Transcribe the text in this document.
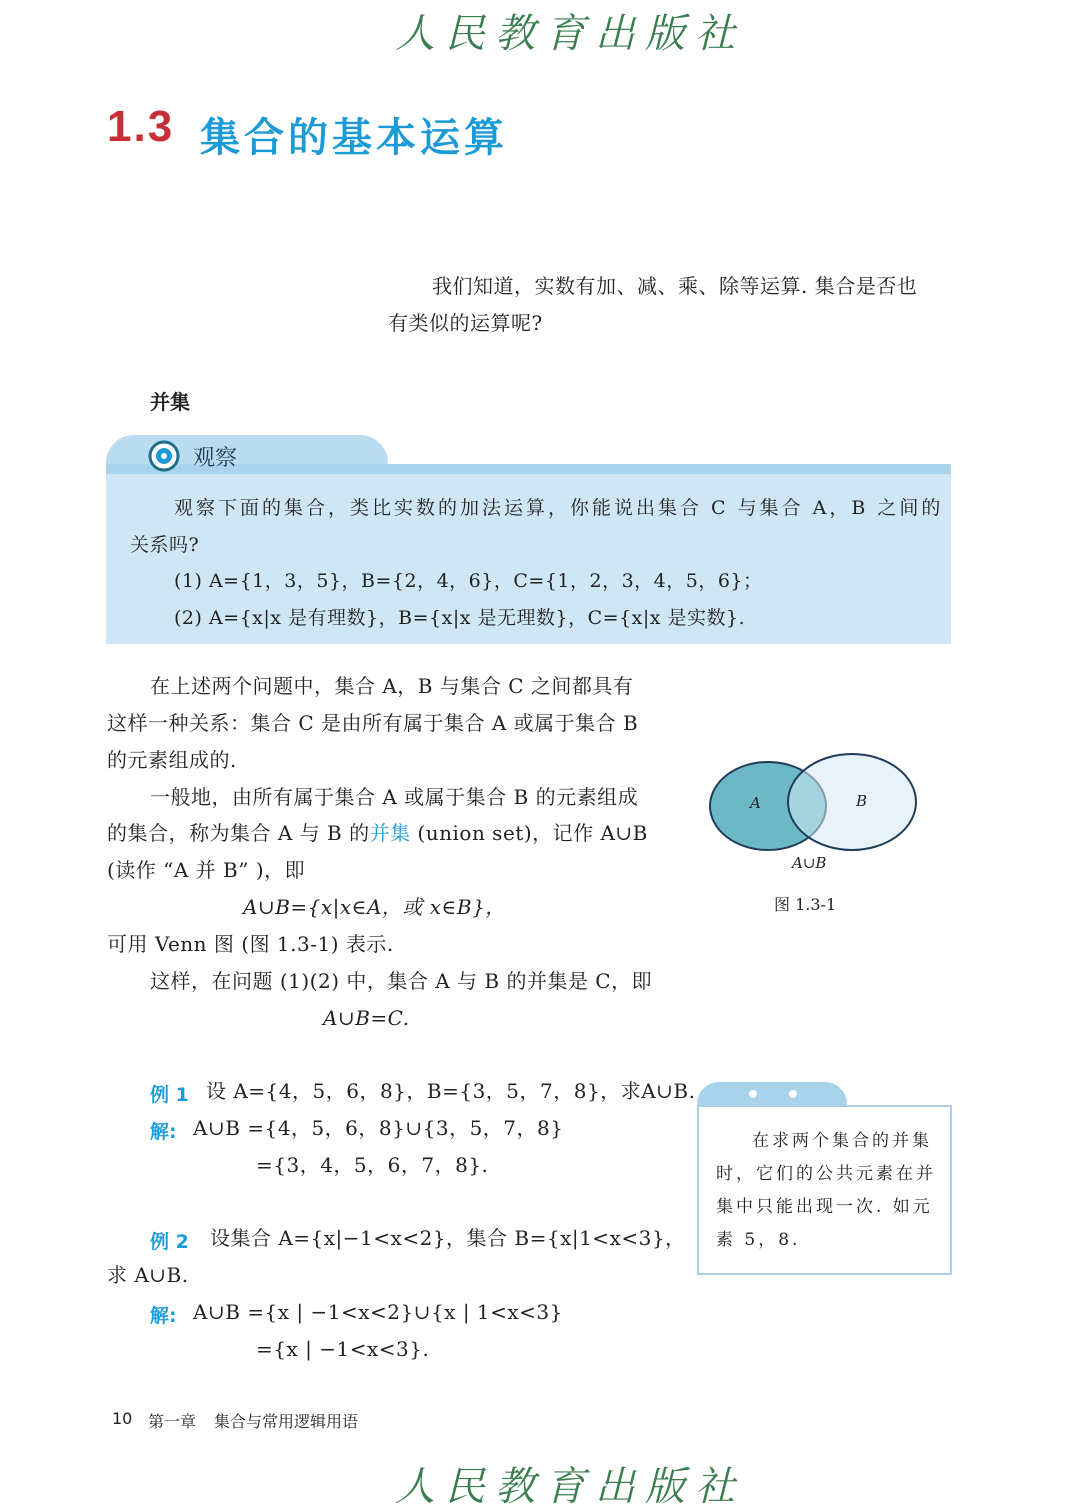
人民教育出版社
1.3 集合的基本运算
我们知道，实数有加、减、乘、除等运算. 集合是否也
有类似的运算呢?
并集
观察
观察下面的集合，类比实数的加法运算，你能说出集合 C 与集合 A，B 之间的
关系吗?
(1) A={1，3，5}，B={2，4，6}，C={1，2，3，4，5，6}；
(2) A={x|x 是有理数}，B={x|x 是无理数}，C={x|x 是实数}.
在上述两个问题中，集合 A，B 与集合 C 之间都具有
这样一种关系：集合 C 是由所有属于集合 A 或属于集合 B
的元素组成的.
一般地，由所有属于集合 A 或属于集合 B 的元素组成
的集合，称为集合 A 与 B 的并集 (union set)，记作 A∪B
(读作 “A 并 B” )，即
A∪B={x|x∈A，或 x∈B}，
可用 Venn 图 (图 1.3-1) 表示.
这样，在问题 (1)(2) 中，集合 A 与 B 的并集是 C，即
A∪B=C.
A	B
A∪B
图 1.3-1
例 1 设 A={4，5，6，8}，B={3，5，7，8}，求A∪B.
解: A∪B ={4，5，6，8}∪{3，5，7，8}
={3，4，5，6，7，8}.
例 2 设集合 A={x|−1<x<2}，集合 B={x|1<x<3}，
求 A∪B.
解: A∪B ={x | −1<x<2}∪{x | 1<x<3}
={x | −1<x<3}.
在求两个集合的并集
时，它们的公共元素在并
集中只能出现一次. 如元
素 5，8.
10 第一章 集合与常用逻辑用语
人民教育出版社
